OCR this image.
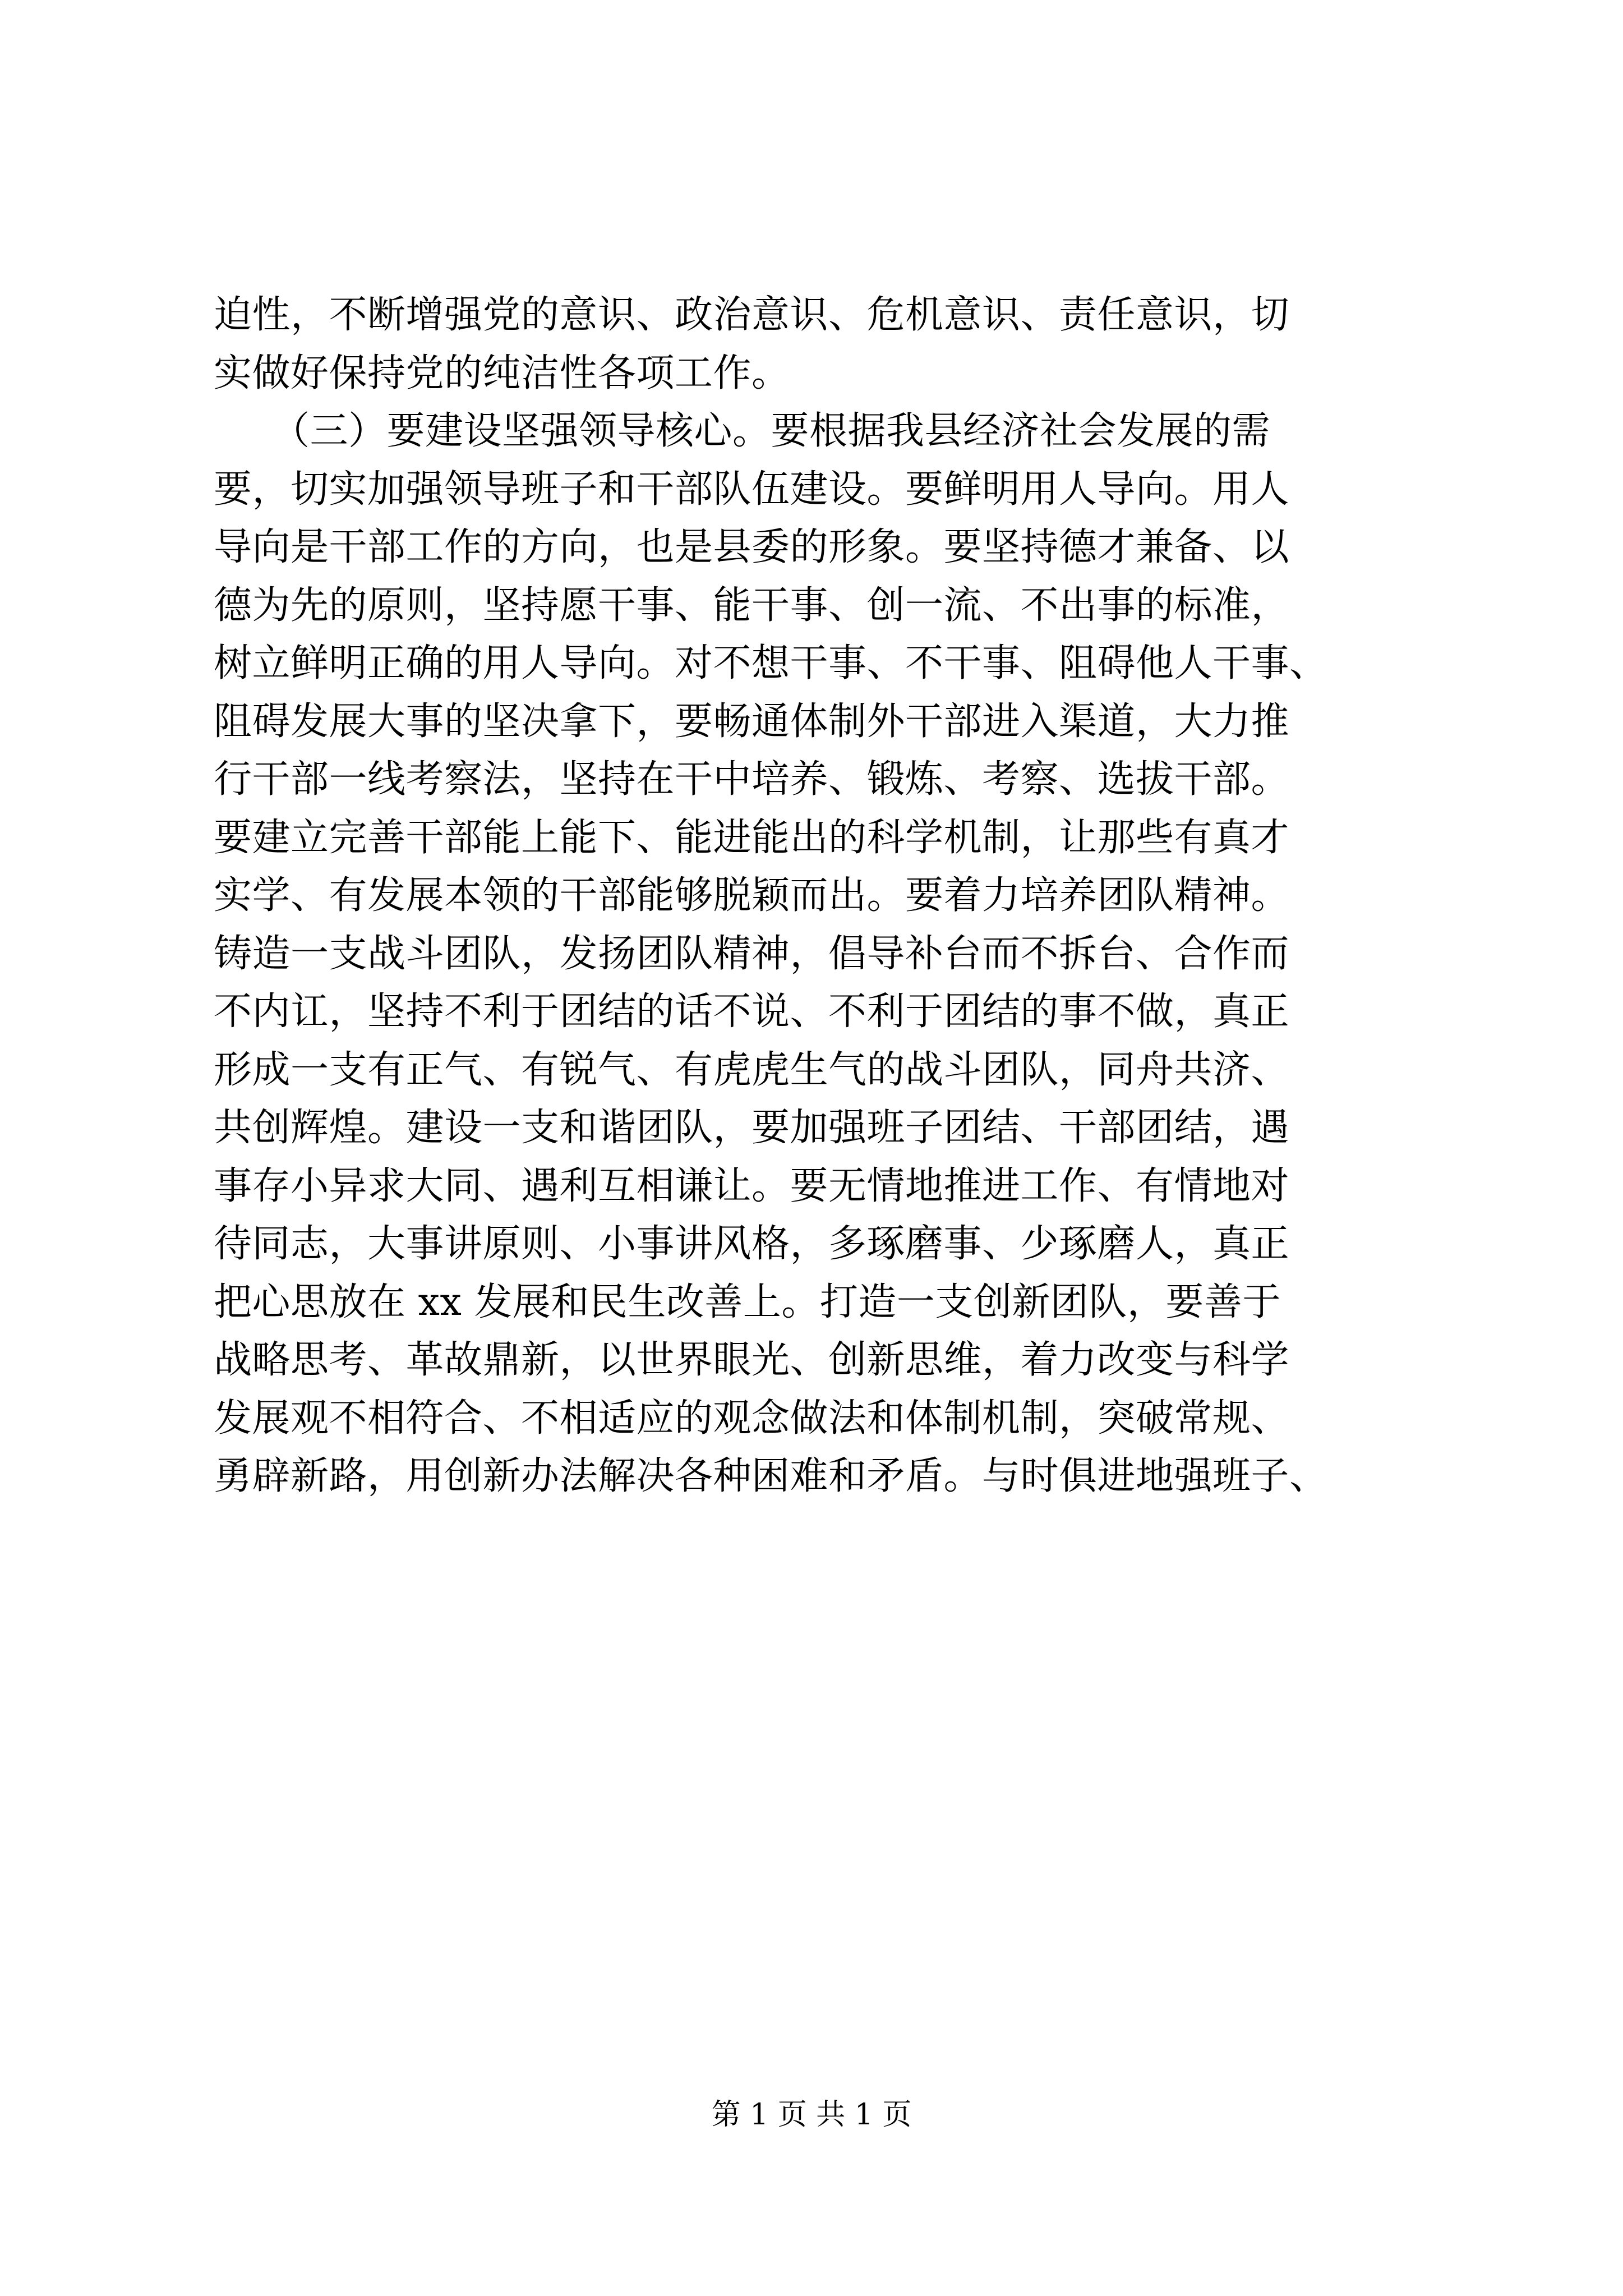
迫性，不断增强党的意识、政治意识、危机意识、责任意识，切
实做好保持党的纯洁性各项工作。
　　（三）要建设坚强领导核心。要根据我县经济社会发展的需
要，切实加强领导班子和干部队伍建设。要鲜明用人导向。用人
导向是干部工作的方向，也是县委的形象。要坚持德才兼备、以
德为先的原则，坚持愿干事、能干事、创一流、不出事的标准，
树立鲜明正确的用人导向。对不想干事、不干事、阻碍他人干事、
阻碍发展大事的坚决拿下，要畅通体制外干部进入渠道，大力推
行干部一线考察法，坚持在干中培养、锻炼、考察、选拔干部。
要建立完善干部能上能下、能进能出的科学机制，让那些有真才
实学、有发展本领的干部能够脱颖而出。要着力培养团队精神。
铸造一支战斗团队，发扬团队精神，倡导补台而不拆台、合作而
不内讧，坚持不利于团结的话不说、不利于团结的事不做，真正
形成一支有正气、有锐气、有虎虎生气的战斗团队，同舟共济、
共创辉煌。建设一支和谐团队，要加强班子团结、干部团结，遇
事存小异求大同、遇利互相谦让。要无情地推进工作、有情地对
待同志，大事讲原则、小事讲风格，多琢磨事、少琢磨人，真正
把心思放在 xx 发展和民生改善上。打造一支创新团队，要善于
战略思考、革故鼎新，以世界眼光、创新思维，着力改变与科学
发展观不相符合、不相适应的观念做法和体制机制，突破常规、
勇辟新路，用创新办法解决各种困难和矛盾。与时俱进地强班子、
第 1 页 共 1 页
